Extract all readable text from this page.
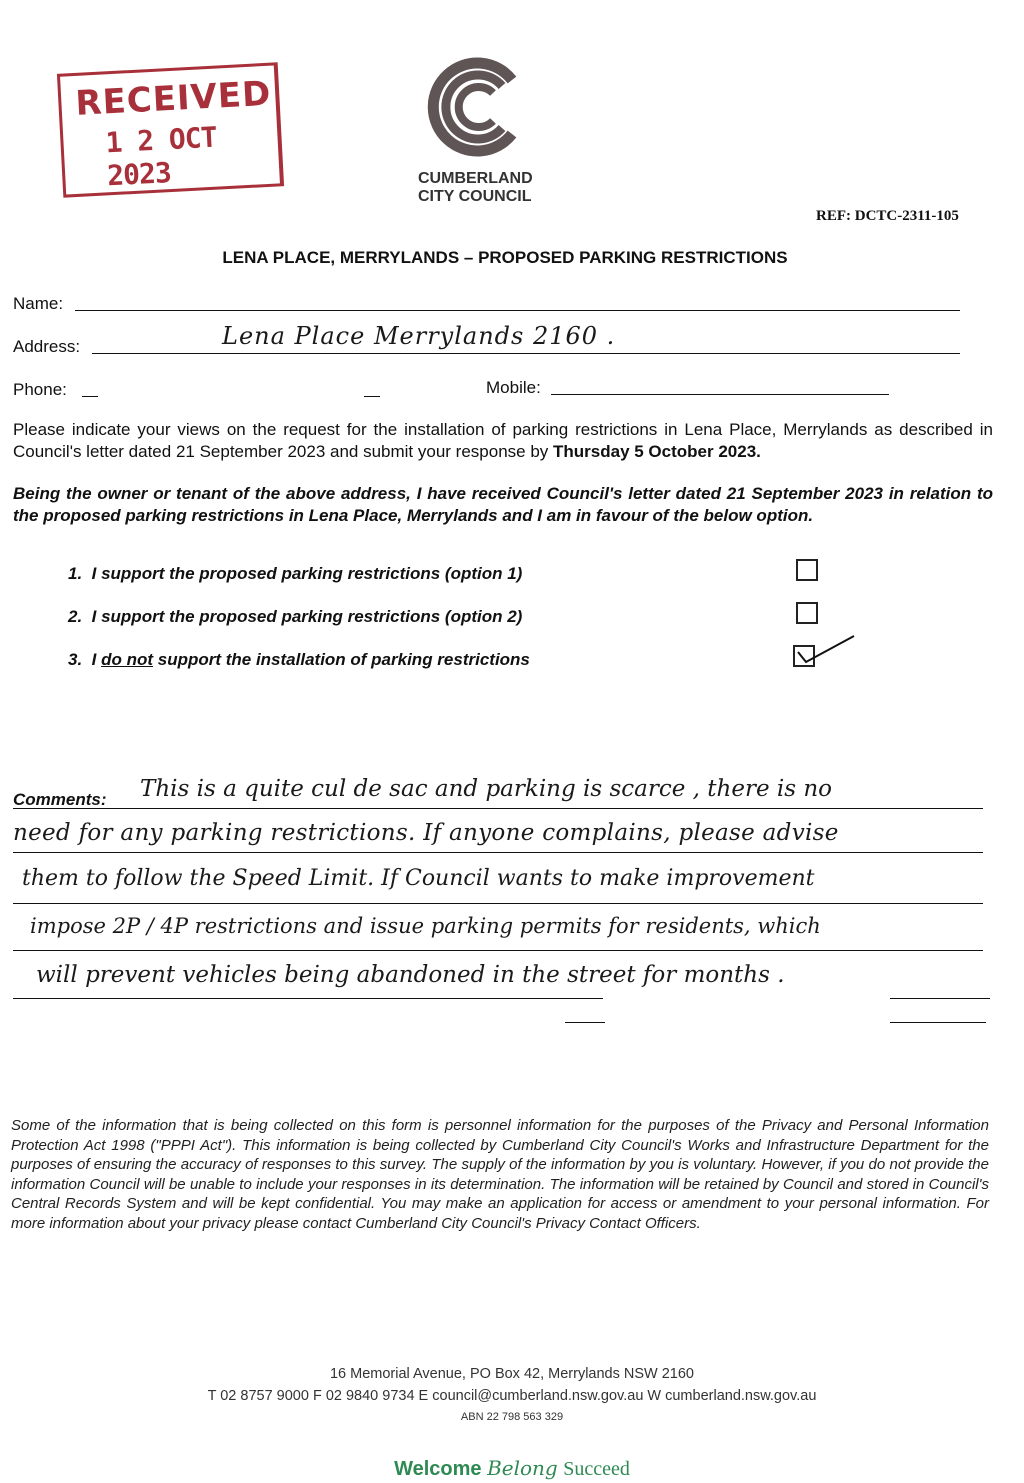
RECEIVED
1 2 OCT 2023	CUMBERLAND
CITY COUNCIL
REF: DCTC-2311-105
LENA PLACE, MERRYLANDS – PROPOSED PARKING RESTRICTIONS
Name:
Address:	Lena Place Merrylands 2160 .
Phone:	Mobile:
Please indicate your views on the request for the installation of parking restrictions in Lena Place, Merrylands as described in Council's letter dated 21 September 2023 and submit your response by Thursday 5 October 2023.
Being the owner or tenant of the above address, I have received Council's letter dated 21 September 2023 in relation to the proposed parking restrictions in Lena Place, Merrylands and I am in favour of the below option.
1. I support the proposed parking restrictions (option 1)
2. I support the proposed parking restrictions (option 2)
3. I do not support the installation of parking restrictions
Comments: This is a quite cul de sac and parking is scarce , there is no
need for any parking restrictions. If anyone complains, please advise
them to follow the Speed Limit. If Council wants to make improvement
impose 2P / 4P restrictions and issue parking permits for residents, which
will prevent vehicles being abandoned in the street for months .
Some of the information that is being collected on this form is personnel information for the purposes of the Privacy and Personal Information Protection Act 1998 ("PPPI Act"). This information is being collected by Cumberland City Council's Works and Infrastructure Department for the purposes of ensuring the accuracy of responses to this survey. The supply of the information by you is voluntary. However, if you do not provide the information Council will be unable to include your responses in its determination. The information will be retained by Council and stored in Council's Central Records System and will be kept confidential. You may make an application for access or amendment to your personal information. For more information about your privacy please contact Cumberland City Council's Privacy Contact Officers.
16 Memorial Avenue, PO Box 42, Merrylands NSW 2160
T 02 8757 9000 F 02 9840 9734 E council@cumberland.nsw.gov.au W cumberland.nsw.gov.au
ABN 22 798 563 329
Welcome Belong Succeed
